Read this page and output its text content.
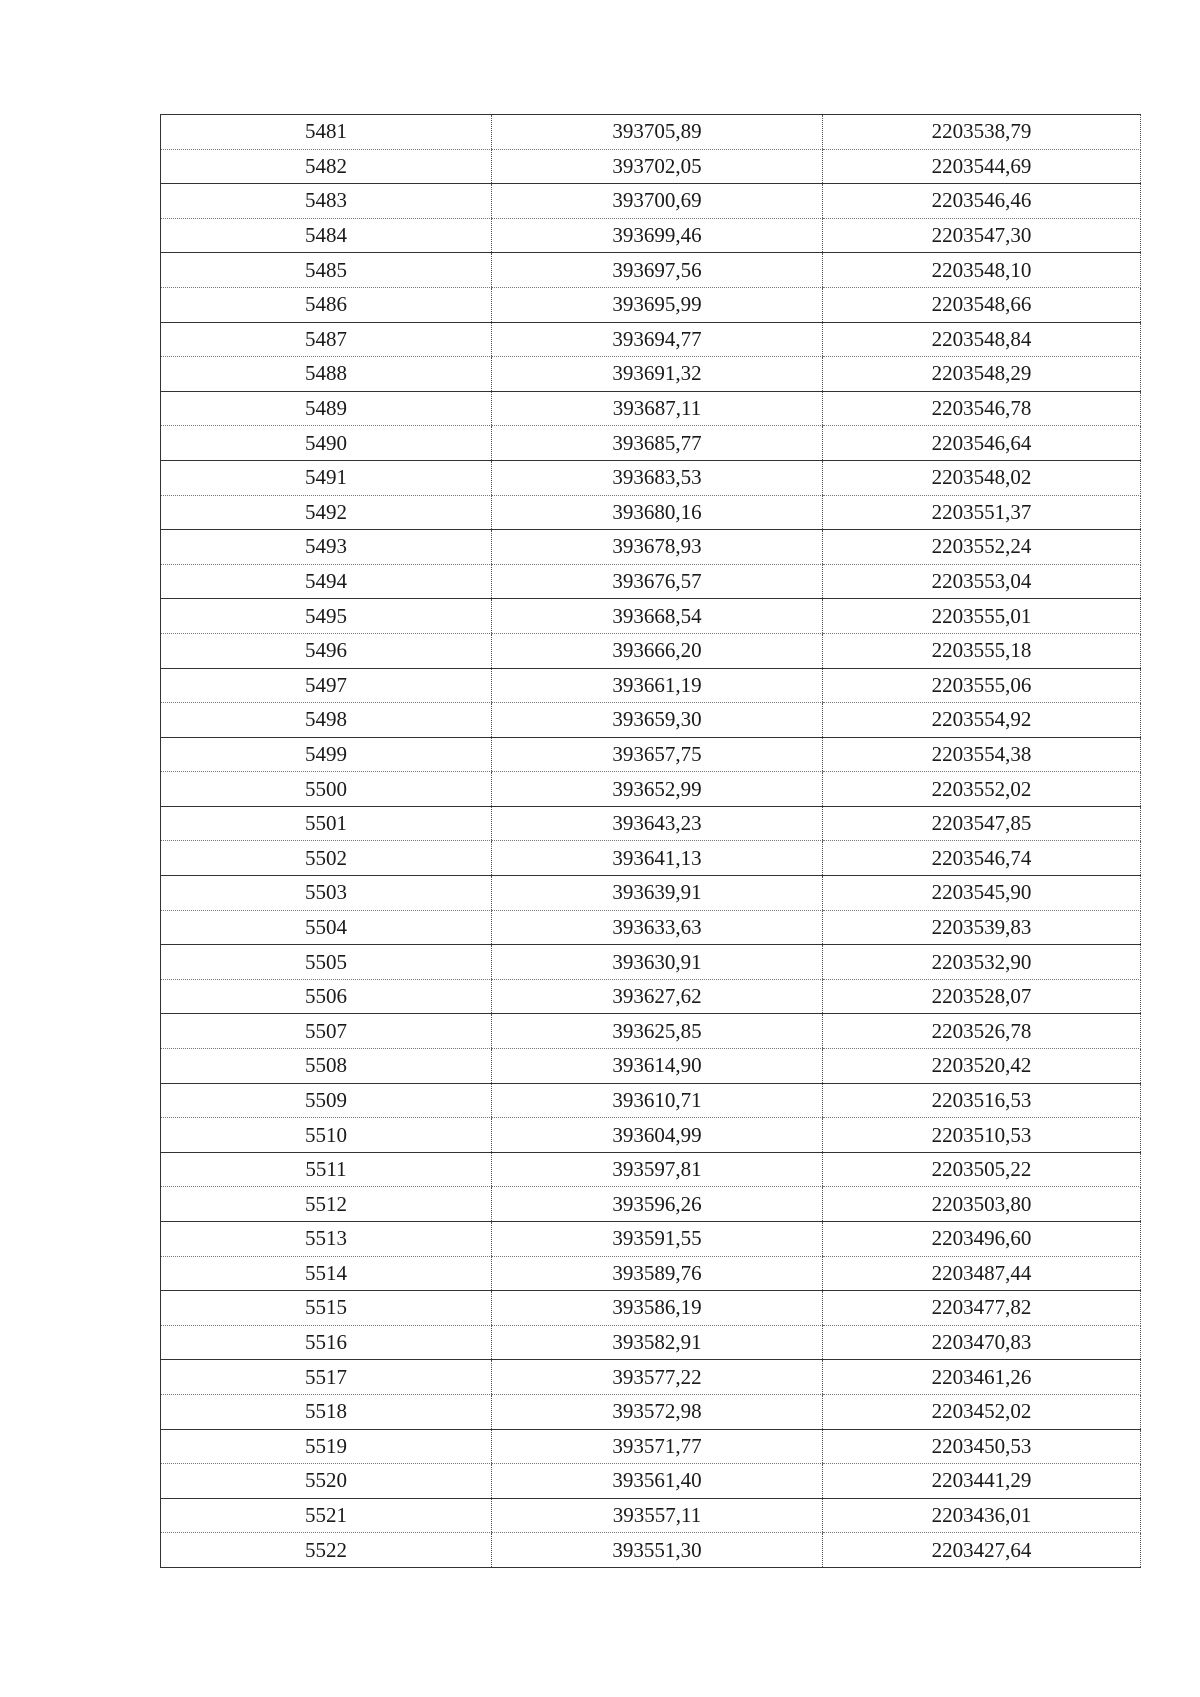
5481	393705,89	2203538,79
5482	393702,05	2203544,69
5483	393700,69	2203546,46
5484	393699,46	2203547,30
5485	393697,56	2203548,10
5486	393695,99	2203548,66
5487	393694,77	2203548,84
5488	393691,32	2203548,29
5489	393687,11	2203546,78
5490	393685,77	2203546,64
5491	393683,53	2203548,02
5492	393680,16	2203551,37
5493	393678,93	2203552,24
5494	393676,57	2203553,04
5495	393668,54	2203555,01
5496	393666,20	2203555,18
5497	393661,19	2203555,06
5498	393659,30	2203554,92
5499	393657,75	2203554,38
5500	393652,99	2203552,02
5501	393643,23	2203547,85
5502	393641,13	2203546,74
5503	393639,91	2203545,90
5504	393633,63	2203539,83
5505	393630,91	2203532,90
5506	393627,62	2203528,07
5507	393625,85	2203526,78
5508	393614,90	2203520,42
5509	393610,71	2203516,53
5510	393604,99	2203510,53
5511	393597,81	2203505,22
5512	393596,26	2203503,80
5513	393591,55	2203496,60
5514	393589,76	2203487,44
5515	393586,19	2203477,82
5516	393582,91	2203470,83
5517	393577,22	2203461,26
5518	393572,98	2203452,02
5519	393571,77	2203450,53
5520	393561,40	2203441,29
5521	393557,11	2203436,01
5522	393551,30	2203427,64
